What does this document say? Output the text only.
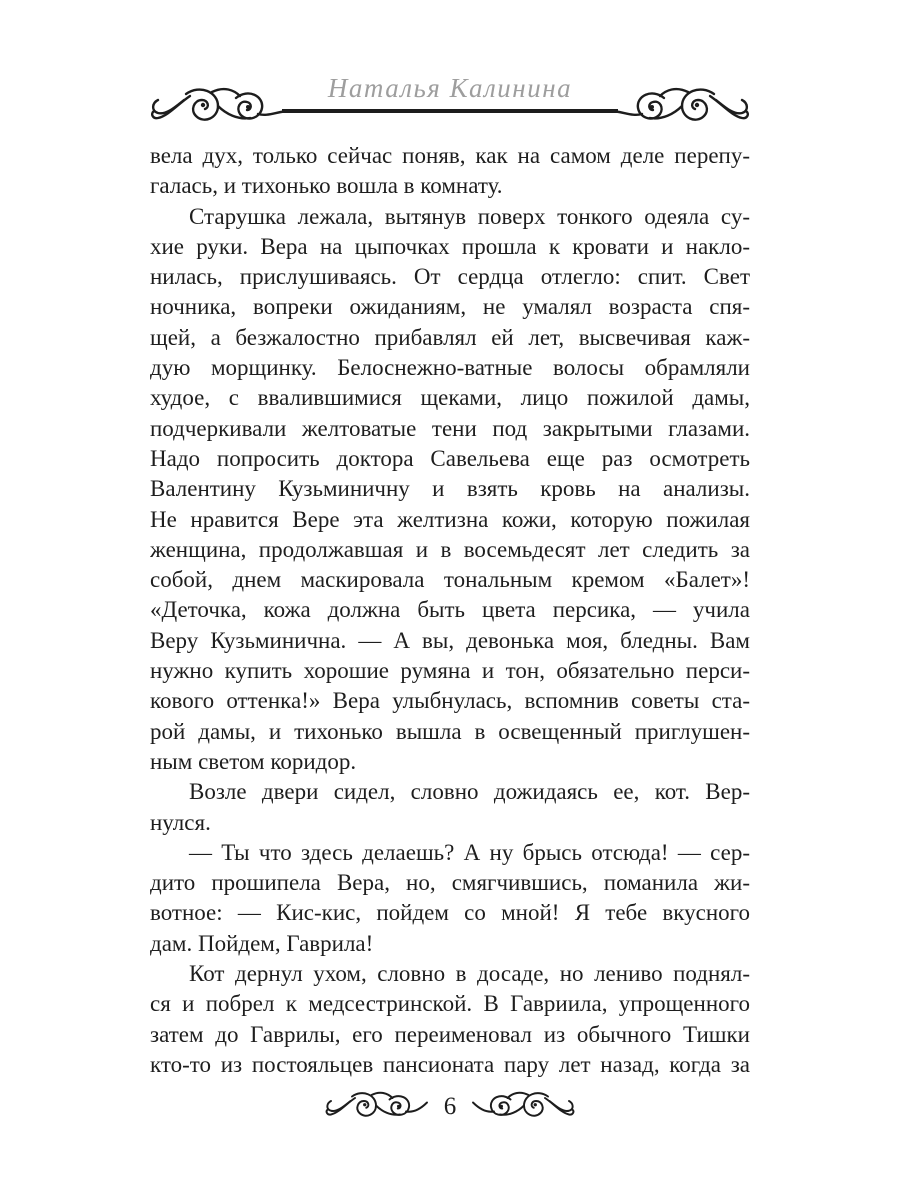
Наталья Калинина
вела дух, только сейчас поняв, как на самом деле перепу-
галась, и тихонько вошла в комнату.
Старушка лежала, вытянув поверх тонкого одеяла су-
хие руки. Вера на цыпочках прошла к кровати и накло-
нилась, прислушиваясь. От сердца отлегло: спит. Свет
ночника, вопреки ожиданиям, не умалял возраста спя-
щей, а безжалостно прибавлял ей лет, высвечивая каж-
дую морщинку. Белоснежно-ватные волосы обрамляли
худое, с ввалившимися щеками, лицо пожилой дамы,
подчеркивали желтоватые тени под закрытыми глазами.
Надо попросить доктора Савельева еще раз осмотреть
Валентину Кузьминичну и взять кровь на анализы.
Не нравится Вере эта желтизна кожи, которую пожилая
женщина, продолжавшая и в восемьдесят лет следить за
собой, днем маскировала тональным кремом «Балет»!
«Деточка, кожа должна быть цвета персика, — учила
Веру Кузьминична. — А вы, девонька моя, бледны. Вам
нужно купить хорошие румяна и тон, обязательно перси-
кового оттенка!» Вера улыбнулась, вспомнив советы ста-
рой дамы, и тихонько вышла в освещенный приглушен-
ным светом коридор.
Возле двери сидел, словно дожидаясь ее, кот. Вер-
нулся.
— Ты что здесь делаешь? А ну брысь отсюда! — сер-
дито прошипела Вера, но, смягчившись, поманила жи-
вотное: — Кис-кис, пойдем со мной! Я тебе вкусного
дам. Пойдем, Гаврила!
Кот дернул ухом, словно в досаде, но лениво поднял-
ся и побрел к медсестринской. В Гавриила, упрощенного
затем до Гаврилы, его переименовал из обычного Тишки
кто-то из постояльцев пансионата пару лет назад, когда за
6
